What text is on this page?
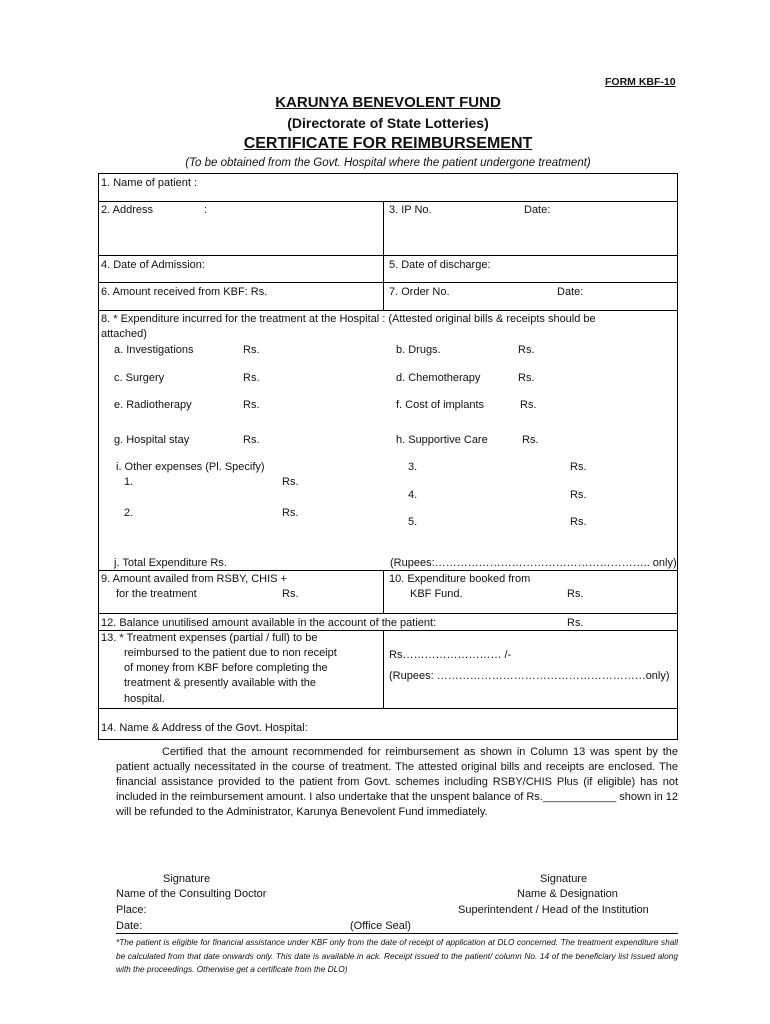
FORM KBF-10
KARUNYA BENEVOLENT FUND
(Directorate of State Lotteries)
CERTIFICATE FOR REIMBURSEMENT
(To be obtained from the Govt. Hospital where the patient undergone treatment)
1. Name of patient :
2. Address	:	3. IP No.	Date:
4. Date of Admission:	5. Date of discharge:
6. Amount received from KBF: Rs.	7. Order No.	Date:
8. * Expenditure incurred for the treatment at the Hospital : (Attested original bills & receipts should be
attached)
a. Investigations	Rs.	b. Drugs.	Rs.
c. Surgery	Rs.	d. Chemotherapy	Rs.
e. Radiotherapy	Rs.	f. Cost of implants	Rs.
g. Hospital stay	Rs.	h. Supportive Care	Rs.
i. Other expenses (Pl. Specify)
1.	Rs.
2.	Rs.
3.	Rs.
4.	Rs.
5.	Rs.
j. Total Expenditure Rs.	(Rupees:………………………………………………….. only)
9. Amount availed from RSBY, CHIS +
for the treatment	Rs.
10. Expenditure booked from
KBF Fund.	Rs.
12. Balance unutilised amount available in the account of the patient:	Rs.
13. * Treatment expenses (partial / full) to be
reimbursed to the patient due to non receipt
of money from KBF before completing the
treatment & presently available with the
hospital.
Rs……………………… /-
(Rupees: …………………………………………………only)
14. Name & Address of the Govt. Hospital:
Certified that the amount recommended for reimbursement as shown in Column 13 was spent by the patient actually necessitated in the course of treatment. The attested original bills and receipts are enclosed. The financial assistance provided to the patient from Govt. schemes including RSBY/CHIS Plus (if eligible) has not included in the reimbursement amount. I also undertake that the unspent balance of Rs.____________ shown in 12 will be refunded to the Administrator, Karunya Benevolent Fund immediately.
Signature
Name of the Consulting Doctor
Place:
Date:	(Office Seal)
Signature
Name & Designation
Superintendent / Head of the Institution
*The patient is eligible for financial assistance under KBF only from the date of receipt of application at DLO concerned. The treatment expenditure shall be calculated from that date onwards only. This date is available in ack. Receipt issued to the patient/ column No. 14 of the beneficiary list issued along with the proceedings. Otherwise get a certificate from the DLO)
